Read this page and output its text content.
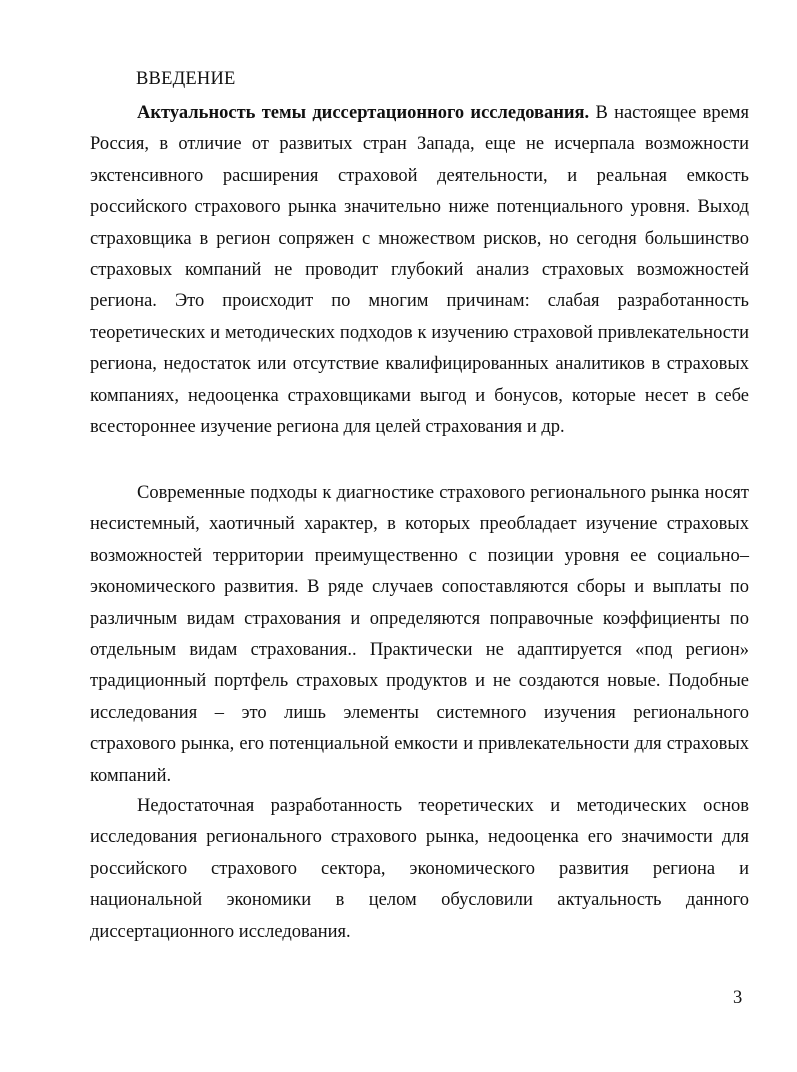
ВВЕДЕНИЕ

Актуальность темы диссертационного исследования. В настоящее время Россия, в отличие от развитых стран Запада, еще не исчерпала возможности экстенсивного расширения страховой деятельности, и реальная емкость российского страхового рынка значительно ниже потенциального уровня. Выход страховщика в регион сопряжен с множеством рисков, но сегодня большинство страховых компаний не проводит глубокий анализ страховых возможностей региона. Это происходит по многим причинам: слабая разработанность теоретических и методических подходов к изучению страховой привлекательности региона, недостаток или отсутствие квалифицированных аналитиков в страховых компаниях, недооценка страховщиками выгод и бонусов, которые несет в себе всестороннее изучение региона для целей страхования и др.

Современные подходы к диагностике страхового регионального рынка носят несистемный, хаотичный характер, в которых преобладает изучение страховых возможностей территории преимущественно с позиции уровня ее социально–экономического развития. В ряде случаев сопоставляются сборы и выплаты по различным видам страхования и определяются поправочные коэффициенты по отдельным видам страхования.. Практически не адаптируется «под регион» традиционный портфель страховых продуктов и не создаются новые. Подобные исследования – это лишь элементы системного изучения регионального страхового рынка, его потенциальной емкости и привлекательности для страховых компаний.

Недостаточная разработанность теоретических и методических основ исследования регионального страхового рынка, недооценка его значимости для российского страхового сектора, экономического развития региона и национальной экономики в целом обусловили актуальность данного диссертационного исследования.

3
